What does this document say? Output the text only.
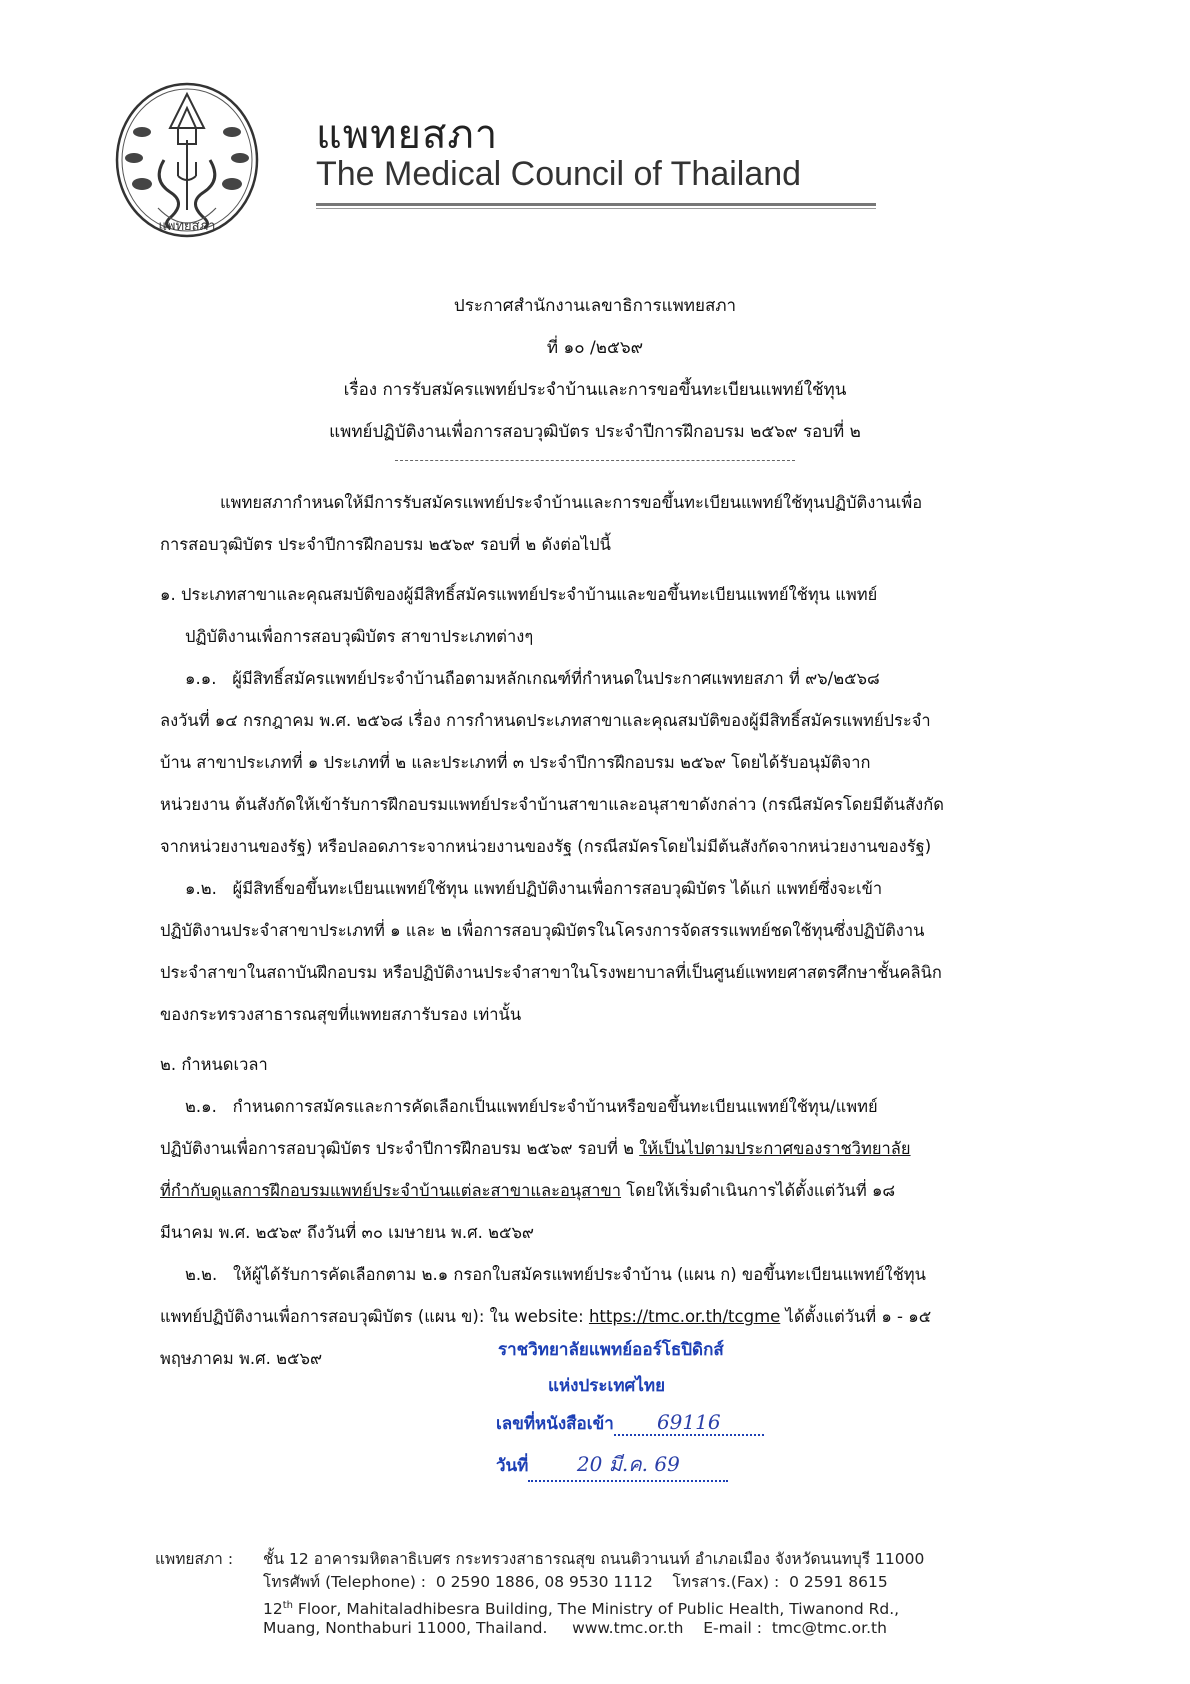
แพทยสภา
แพทยสภา
The Medical Council of Thailand
ประกาศสำนักงานเลขาธิการแพทยสภา
ที่ ๑๐ /๒๕๖๙
เรื่อง การรับสมัครแพทย์ประจำบ้านและการขอขึ้นทะเบียนแพทย์ใช้ทุน
แพทย์ปฏิบัติงานเพื่อการสอบวุฒิบัตร ประจำปีการฝึกอบรม ๒๕๖๙ รอบที่ ๒
แพทยสภากำหนดให้มีการรับสมัครแพทย์ประจำบ้านและการขอขึ้นทะเบียนแพทย์ใช้ทุนปฏิบัติงานเพื่อ
การสอบวุฒิบัตร ประจำปีการฝึกอบรม ๒๕๖๙ รอบที่ ๒ ดังต่อไปนี้
๑. ประเภทสาขาและคุณสมบัติของผู้มีสิทธิ์สมัครแพทย์ประจำบ้านและขอขึ้นทะเบียนแพทย์ใช้ทุน แพทย์
ปฏิบัติงานเพื่อการสอบวุฒิบัตร สาขาประเภทต่างๆ
๑.๑. ผู้มีสิทธิ์สมัครแพทย์ประจำบ้านถือตามหลักเกณฑ์ที่กำหนดในประกาศแพทยสภา ที่ ๙๖/๒๕๖๘
ลงวันที่ ๑๔ กรกฎาคม พ.ศ. ๒๕๖๘ เรื่อง การกำหนดประเภทสาขาและคุณสมบัติของผู้มีสิทธิ์สมัครแพทย์ประจำ
บ้าน สาขาประเภทที่ ๑ ประเภทที่ ๒ และประเภทที่ ๓ ประจำปีการฝึกอบรม ๒๕๖๙ โดยได้รับอนุมัติจาก
หน่วยงาน ต้นสังกัดให้เข้ารับการฝึกอบรมแพทย์ประจำบ้านสาขาและอนุสาขาดังกล่าว (กรณีสมัครโดยมีต้นสังกัด
จากหน่วยงานของรัฐ) หรือปลอดภาระจากหน่วยงานของรัฐ (กรณีสมัครโดยไม่มีต้นสังกัดจากหน่วยงานของรัฐ)
๑.๒. ผู้มีสิทธิ์ขอขึ้นทะเบียนแพทย์ใช้ทุน แพทย์ปฏิบัติงานเพื่อการสอบวุฒิบัตร ได้แก่ แพทย์ซึ่งจะเข้า
ปฏิบัติงานประจำสาขาประเภทที่ ๑ และ ๒ เพื่อการสอบวุฒิบัตรในโครงการจัดสรรแพทย์ชดใช้ทุนซึ่งปฏิบัติงาน
ประจำสาขาในสถาบันฝึกอบรม หรือปฏิบัติงานประจำสาขาในโรงพยาบาลที่เป็นศูนย์แพทยศาสตรศึกษาชั้นคลินิก
ของกระทรวงสาธารณสุขที่แพทยสภารับรอง เท่านั้น
๒. กำหนดเวลา
๒.๑. กำหนดการสมัครและการคัดเลือกเป็นแพทย์ประจำบ้านหรือขอขึ้นทะเบียนแพทย์ใช้ทุน/แพทย์
ปฏิบัติงานเพื่อการสอบวุฒิบัตร ประจำปีการฝึกอบรม ๒๕๖๙ รอบที่ ๒ ให้เป็นไปตามประกาศของราชวิทยาลัย
ที่กำกับดูแลการฝึกอบรมแพทย์ประจำบ้านแต่ละสาขาและอนุสาขา โดยให้เริ่มดำเนินการได้ตั้งแต่วันที่ ๑๘
มีนาคม พ.ศ. ๒๕๖๙ ถึงวันที่ ๓๐ เมษายน พ.ศ. ๒๕๖๙
๒.๒. ให้ผู้ได้รับการคัดเลือกตาม ๒.๑ กรอกใบสมัครแพทย์ประจำบ้าน (แผน ก) ขอขึ้นทะเบียนแพทย์ใช้ทุน
แพทย์ปฏิบัติงานเพื่อการสอบวุฒิบัตร (แผน ข): ใน website: https://tmc.or.th/tcgme ได้ตั้งแต่วันที่ ๑ - ๑๕
พฤษภาคม พ.ศ. ๒๕๖๙	ราชวิทยาลัยแพทย์ออร์โธปิดิกส์
แห่งประเทศไทย
เลขที่หนังสือเข้า 69116
วันที่ 20 มี.ค. 69
แพทยสภา : ชั้น 12 อาคารมหิตลาธิเบศร กระทรวงสาธารณสุข ถนนติวานนท์ อำเภอเมือง จังหวัดนนทบุรี 11000
โทรศัพท์ (Telephone) : 0 2590 1886, 08 9530 1112 โทรสาร.(Fax) : 0 2591 8615
12th Floor, Mahitaladhibesra Building, The Ministry of Public Health, Tiwanond Rd.,
Muang, Nonthaburi 11000, Thailand. www.tmc.or.th E-mail : tmc@tmc.or.th
